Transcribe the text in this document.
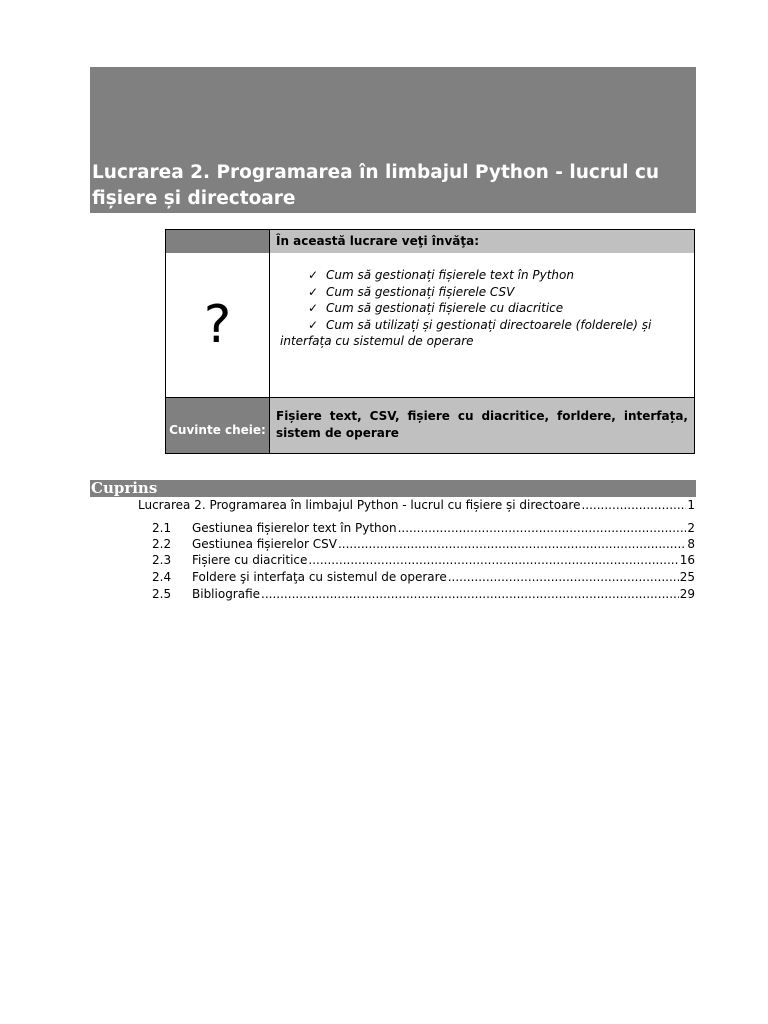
Lucrarea 2. Programarea în limbajul Python - lucrul cu fișiere și directoare
În această lucrare veţi învăţa:
?

✓ Cum să gestionați fișierele text în Python

✓ Cum să gestionați fișierele CSV

✓ Cum să gestionați fișierele cu diacritice

✓ Cum să utilizați și gestionați directoarele (folderele) și interfața cu sistemul de operare

Cuvinte cheie:
Fișiere text, CSV, fișiere cu diacritice, forldere, interfața, sistem de operare
Cuprins
Lucrarea 2. Programarea în limbajul Python - lucrul cu fișiere și directoare .....	1
2.1	Gestiunea fișierelor text în Python .....	2
2.2	Gestiunea fișierelor CSV .....	8
2.3	Fișiere cu diacritice .....	16
2.4	Foldere şi interfaţa cu sistemul de operare .....	25
2.5	Bibliografie .....	29
